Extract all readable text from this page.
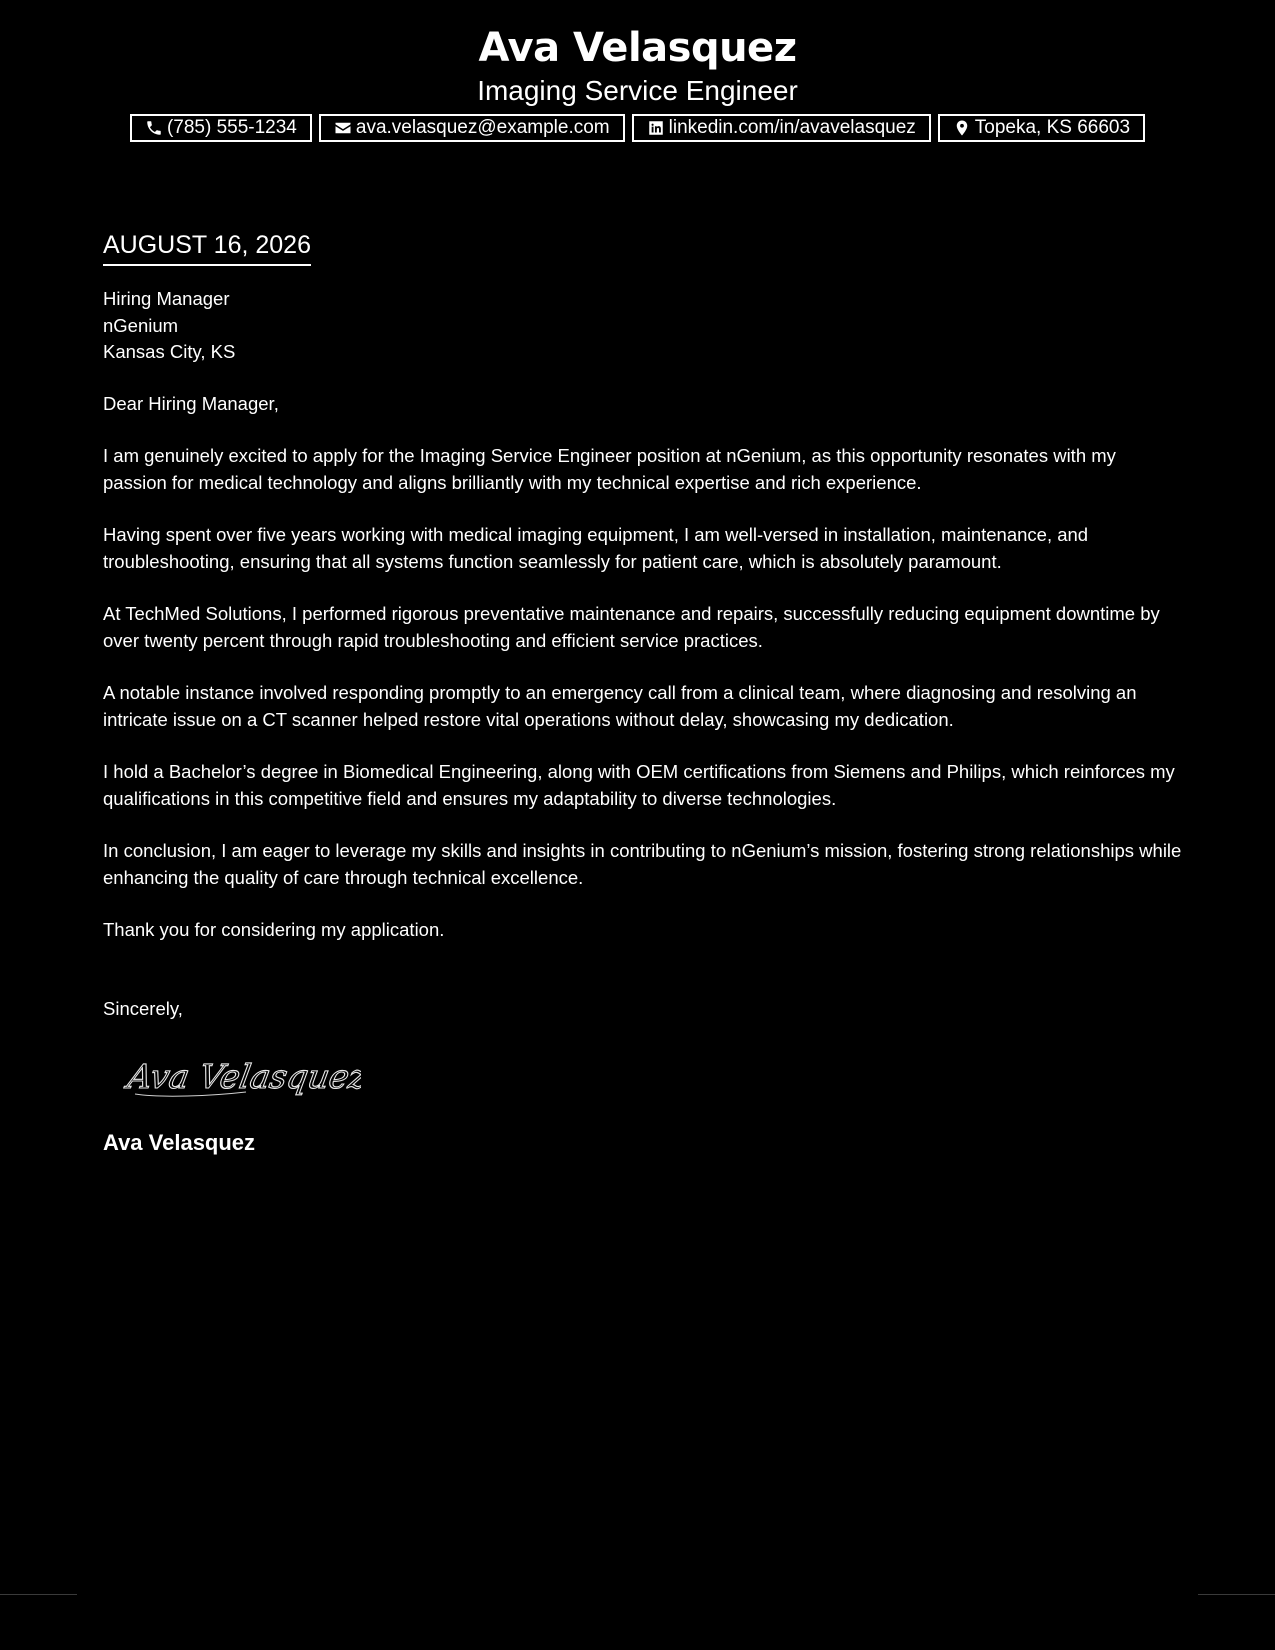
Ava Velasquez

Imaging Service Engineer

(785) 555-1234	ava.velasquez@example.com	linkedin.com/in/avavelasquez	Topeka, KS 66603
AUGUST 16, 2026

Hiring Manager

nGenium

Kansas City, KS

Dear Hiring Manager,

I am genuinely excited to apply for the Imaging Service Engineer position at nGenium, as this opportunity resonates with my passion for medical technology and aligns brilliantly with my technical expertise and rich experience.

Having spent over five years working with medical imaging equipment, I am well-versed in installation, maintenance, and troubleshooting, ensuring that all systems function seamlessly for patient care, which is absolutely paramount.

At TechMed Solutions, I performed rigorous preventative maintenance and repairs, successfully reducing equipment downtime by over twenty percent through rapid troubleshooting and efficient service practices.

A notable instance involved responding promptly to an emergency call from a clinical team, where diagnosing and resolving an intricate issue on a CT scanner helped restore vital operations without delay, showcasing my dedication.

I hold a Bachelor’s degree in Biomedical Engineering, along with OEM certifications from Siemens and Philips, which reinforces my qualifications in this competitive field and ensures my adaptability to diverse technologies.

In conclusion, I am eager to leverage my skills and insights in contributing to nGenium’s mission, fostering strong relationships while enhancing the quality of care through technical excellence.

Thank you for considering my application.

Sincerely,

Ava Velasquez
Ava Velasquez
